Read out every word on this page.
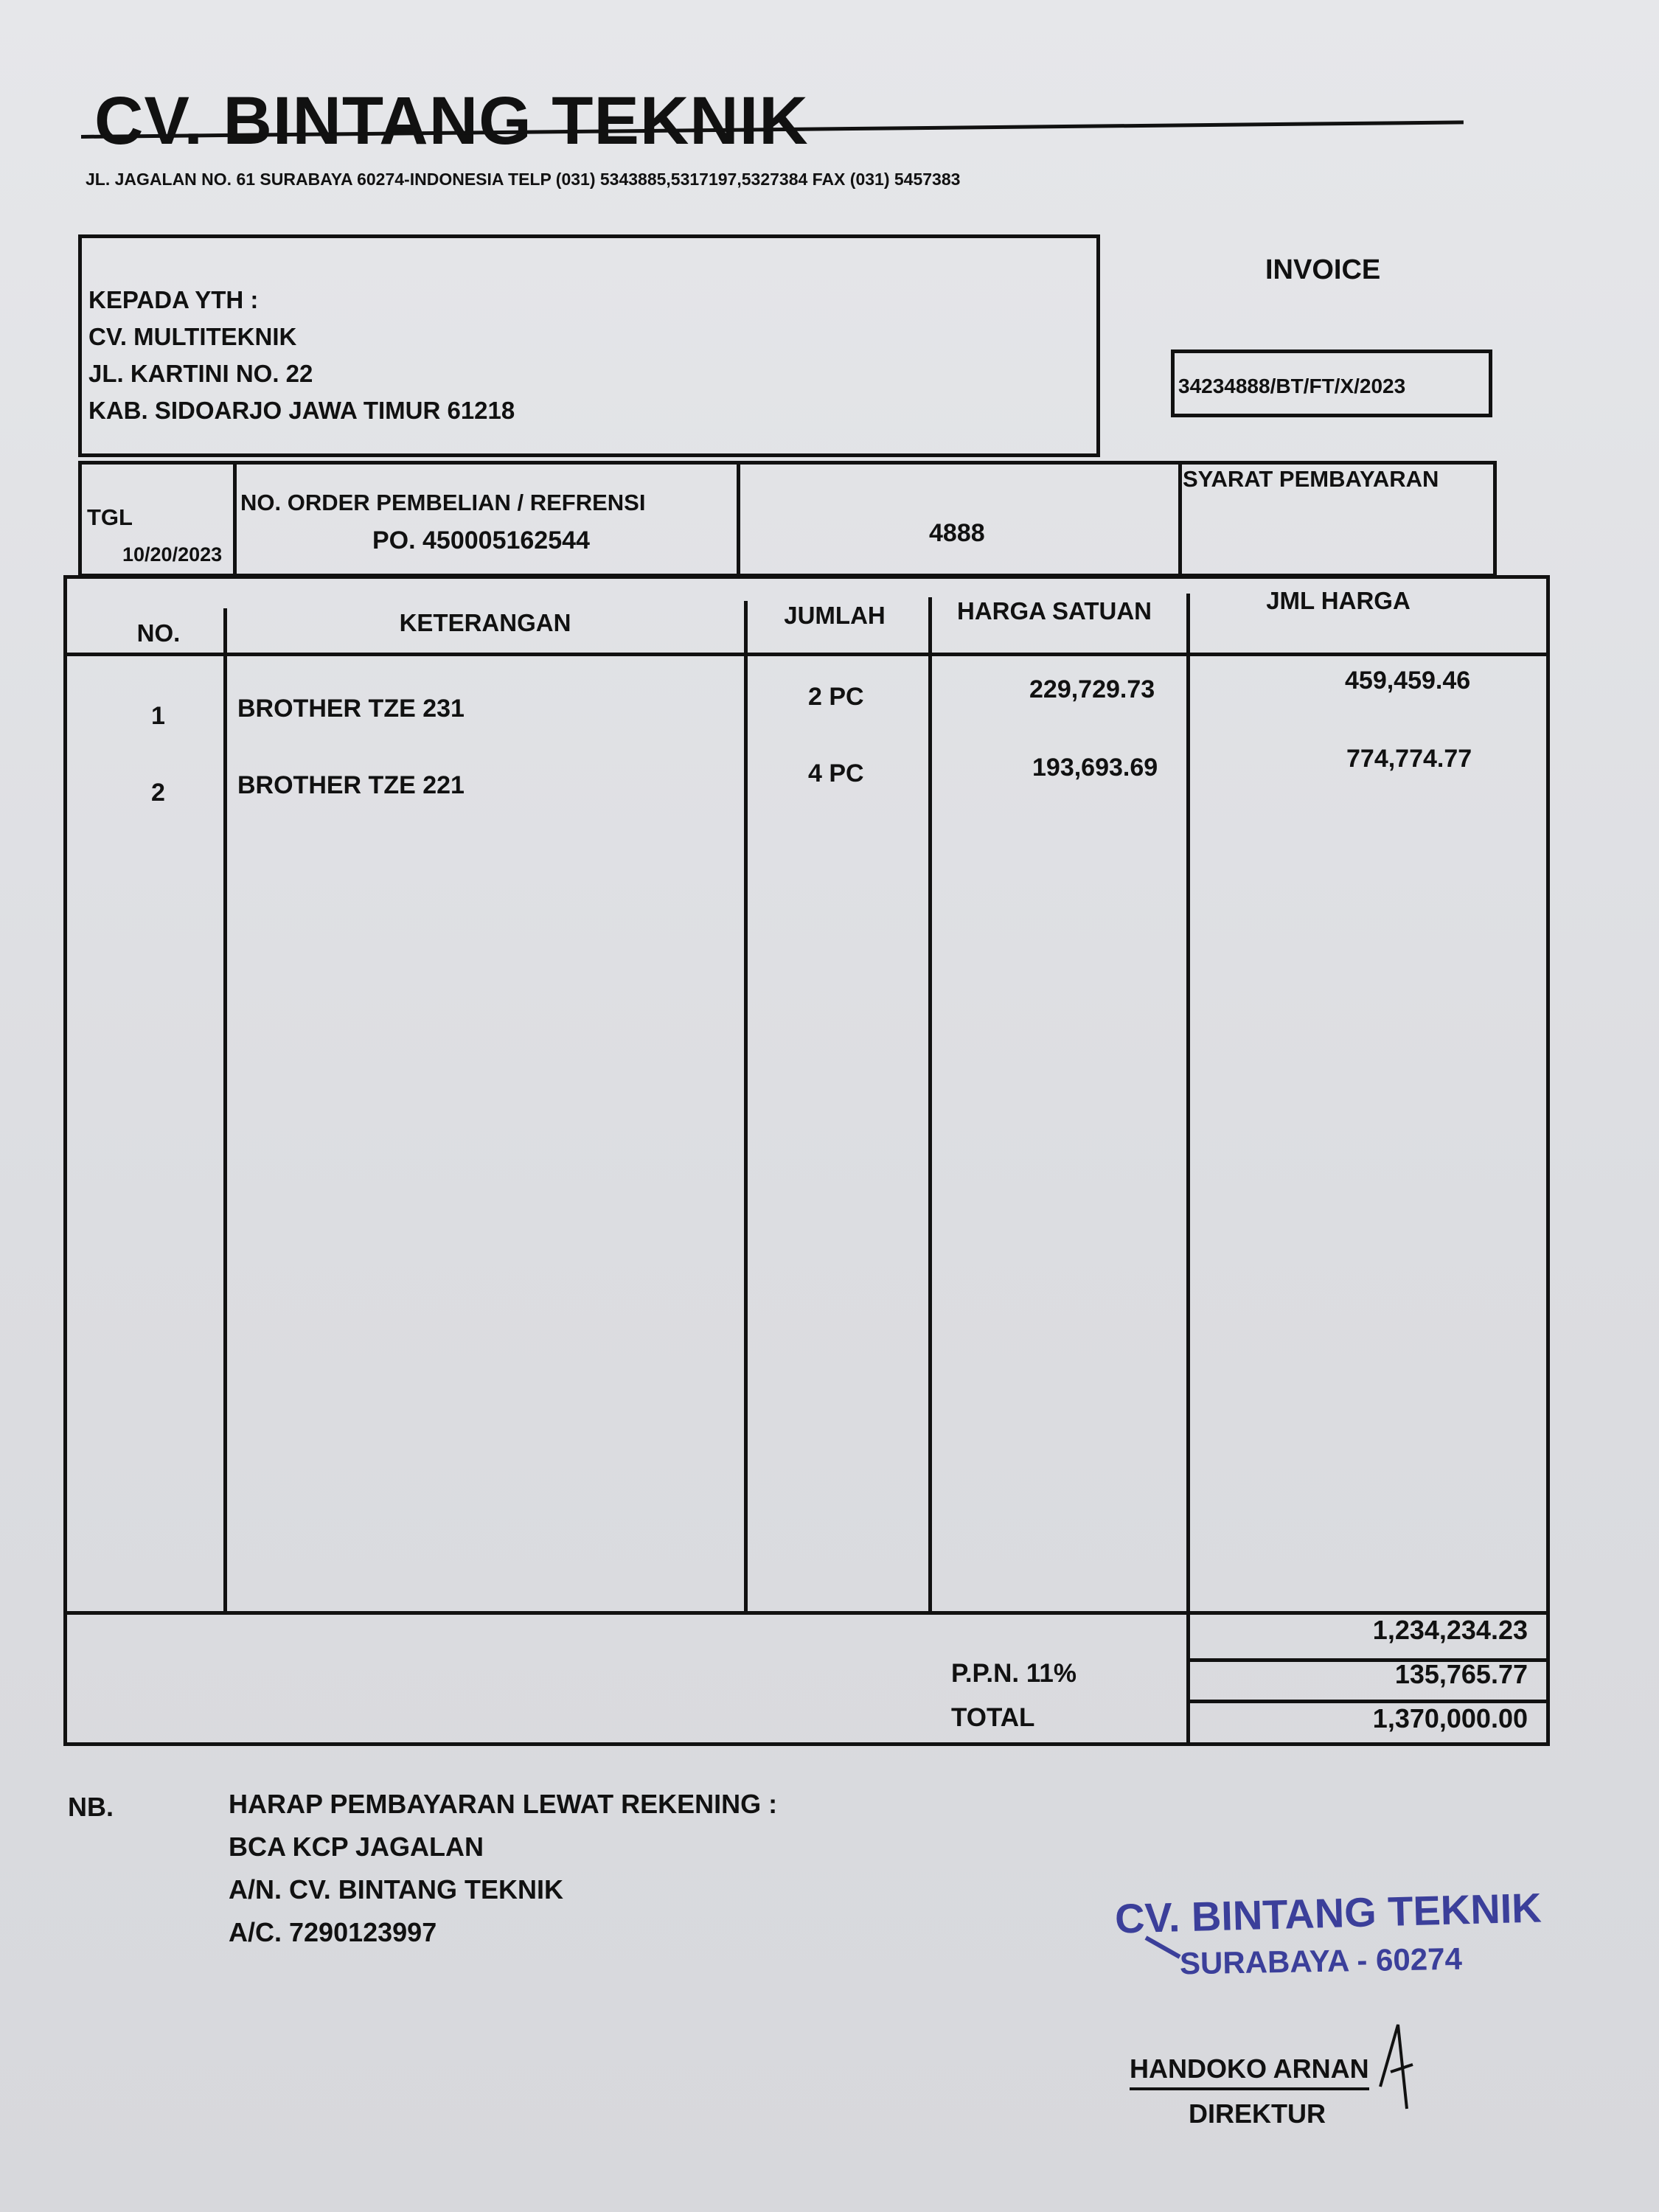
CV. BINTANG TEKNIK
JL. JAGALAN NO. 61 SURABAYA 60274-INDONESIA TELP (031) 5343885,5317197,5327384 FAX (031) 5457383
KEPADA YTH :
CV. MULTITEKNIK
JL. KARTINI NO. 22
KAB. SIDOARJO JAWA TIMUR 61218
INVOICE
34234888/BT/FT/X/2023
TGL
10/20/2023
NO. ORDER PEMBELIAN / REFRENSI
PO. 450005162544	4888
SYARAT PEMBAYARAN
NO.	KETERANGAN	JUMLAH	HARGA SATUAN	JML HARGA
1	BROTHER TZE 231	2 PC	229,729.73	459,459.46
2	BROTHER TZE 221	4 PC	193,693.69	774,774.77
1,234,234.23
P.P.N. 11%	135,765.77
TOTAL	1,370,000.00
NB.	HARAP PEMBAYARAN LEWAT REKENING :
BCA KCP JAGALAN
A/N. CV. BINTANG TEKNIK
A/C. 7290123997	CV. BINTANG TEKNIK
SURABAYA - 60274
HANDOKO ARNAN
DIREKTUR
